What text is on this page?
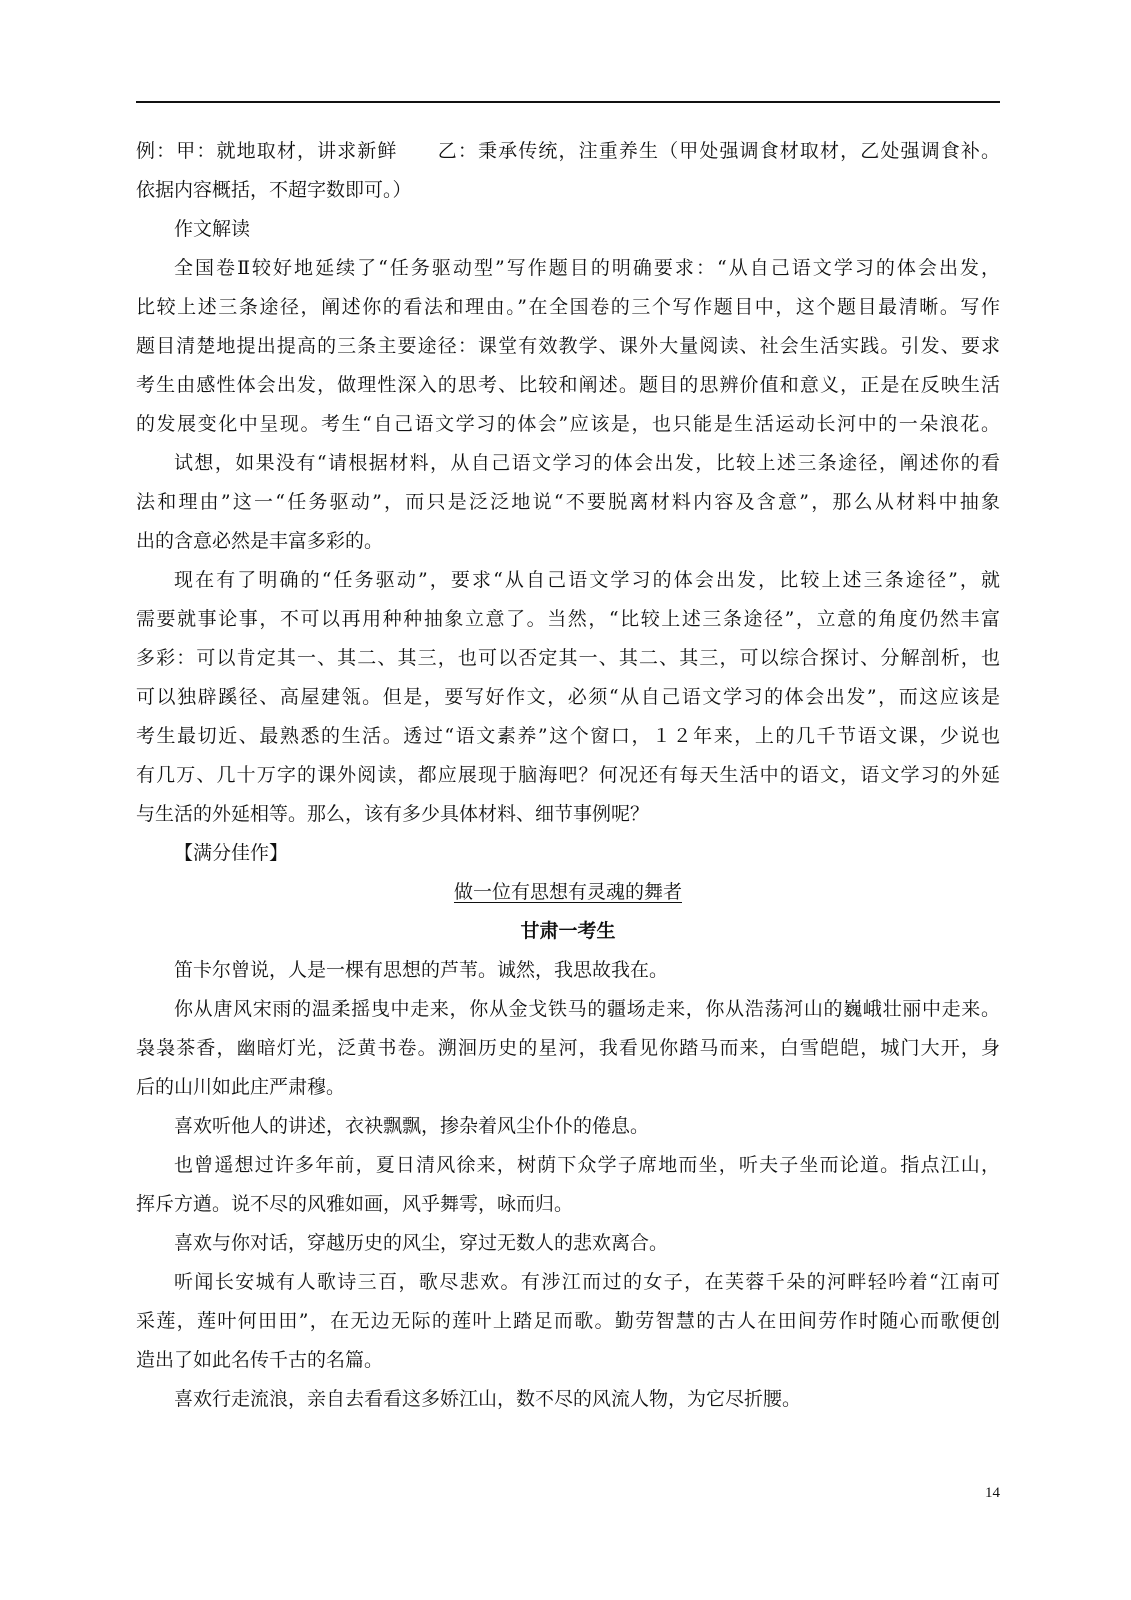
例：甲：就地取材，讲求新鲜　　乙：秉承传统，注重养生（甲处强调食材取材，乙处强调食补。
依据内容概括，不超字数即可。）
作文解读
全国卷Ⅱ较好地延续了“任务驱动型”写作题目的明确要求：“从自己语文学习的体会出发，
比较上述三条途径，阐述你的看法和理由。”在全国卷的三个写作题目中，这个题目最清晰。写作
题目清楚地提出提高的三条主要途径：课堂有效教学、课外大量阅读、社会生活实践。引发、要求
考生由感性体会出发，做理性深入的思考、比较和阐述。题目的思辨价值和意义，正是在反映生活
的发展变化中呈现。考生“自己语文学习的体会”应该是，也只能是生活运动长河中的一朵浪花。
试想，如果没有“请根据材料，从自己语文学习的体会出发，比较上述三条途径，阐述你的看
法和理由”这一“任务驱动”，而只是泛泛地说“不要脱离材料内容及含意”，那么从材料中抽象
出的含意必然是丰富多彩的。
现在有了明确的“任务驱动”，要求“从自己语文学习的体会出发，比较上述三条途径”，就
需要就事论事，不可以再用种种抽象立意了。当然，“比较上述三条途径”，立意的角度仍然丰富
多彩：可以肯定其一、其二、其三，也可以否定其一、其二、其三，可以综合探讨、分解剖析，也
可以独辟蹊径、高屋建瓴。但是，要写好作文，必须“从自己语文学习的体会出发”，而这应该是
考生最切近、最熟悉的生活。透过“语文素养”这个窗口，１２年来，上的几千节语文课，少说也
有几万、几十万字的课外阅读，都应展现于脑海吧？何况还有每天生活中的语文，语文学习的外延
与生活的外延相等。那么，该有多少具体材料、细节事例呢？
【满分佳作】
做一位有思想有灵魂的舞者
甘肃一考生
笛卡尔曾说，人是一棵有思想的芦苇。诚然，我思故我在。
你从唐风宋雨的温柔摇曳中走来，你从金戈铁马的疆场走来，你从浩荡河山的巍峨壮丽中走来。
袅袅茶香，幽暗灯光，泛黄书卷。溯洄历史的星河，我看见你踏马而来，白雪皑皑，城门大开，身
后的山川如此庄严肃穆。
喜欢听他人的讲述，衣袂飘飘，掺杂着风尘仆仆的倦息。
也曾遥想过许多年前，夏日清风徐来，树荫下众学子席地而坐，听夫子坐而论道。指点江山，
挥斥方遒。说不尽的风雅如画，风乎舞雩，咏而归。
喜欢与你对话，穿越历史的风尘，穿过无数人的悲欢离合。
听闻长安城有人歌诗三百，歌尽悲欢。有涉江而过的女子，在芙蓉千朵的河畔轻吟着“江南可
采莲，莲叶何田田”，在无边无际的莲叶上踏足而歌。勤劳智慧的古人在田间劳作时随心而歌便创
造出了如此名传千古的名篇。
喜欢行走流浪，亲自去看看这多娇江山，数不尽的风流人物，为它尽折腰。
14
